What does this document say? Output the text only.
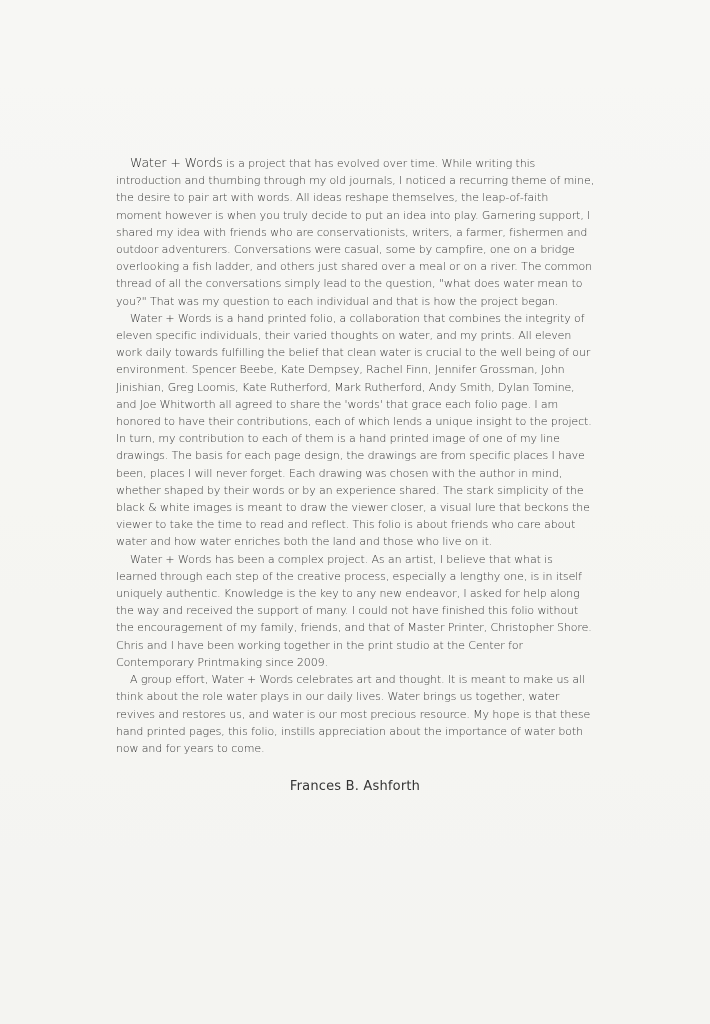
Water + Words is a project that has evolved over time. While writing this introduction and thumbing through my old journals, I noticed a recurring theme of mine, the desire to pair art with words. All ideas reshape themselves, the leap-of-faith moment however is when you truly decide to put an idea into play. Garnering support, I shared my idea with friends who are conservationists, writers, a farmer, fishermen and outdoor adventurers. Conversations were casual, some by campfire, one on a bridge overlooking a fish ladder, and others just shared over a meal or on a river. The common thread of all the conversations simply lead to the question, "what does water mean to you?" That was my question to each individual and that is how the project began.

Water + Words is a hand printed folio, a collaboration that combines the integrity of eleven specific individuals, their varied thoughts on water, and my prints. All eleven work daily towards fulfilling the belief that clean water is crucial to the well being of our environment. Spencer Beebe, Kate Dempsey, Rachel Finn, Jennifer Grossman, John Jinishian, Greg Loomis, Kate Rutherford, Mark Rutherford, Andy Smith, Dylan Tomine, and Joe Whitworth all agreed to share the 'words' that grace each folio page. I am honored to have their contributions, each of which lends a unique insight to the project. In turn, my contribution to each of them is a hand printed image of one of my line drawings. The basis for each page design, the drawings are from specific places I have been, places I will never forget. Each drawing was chosen with the author in mind, whether shaped by their words or by an experience shared. The stark simplicity of the black & white images is meant to draw the viewer closer, a visual lure that beckons the viewer to take the time to read and reflect. This folio is about friends who care about water and how water enriches both the land and those who live on it.

Water + Words has been a complex project. As an artist, I believe that what is learned through each step of the creative process, especially a lengthy one, is in itself uniquely authentic. Knowledge is the key to any new endeavor, I asked for help along the way and received the support of many. I could not have finished this folio without the encouragement of my family, friends, and that of Master Printer, Christopher Shore. Chris and I have been working together in the print studio at the Center for Contemporary Printmaking since 2009.

A group effort, Water + Words celebrates art and thought. It is meant to make us all think about the role water plays in our daily lives. Water brings us together, water revives and restores us, and water is our most precious resource. My hope is that these hand printed pages, this folio, instills appreciation about the importance of water both now and for years to come.

Frances B. Ashforth
